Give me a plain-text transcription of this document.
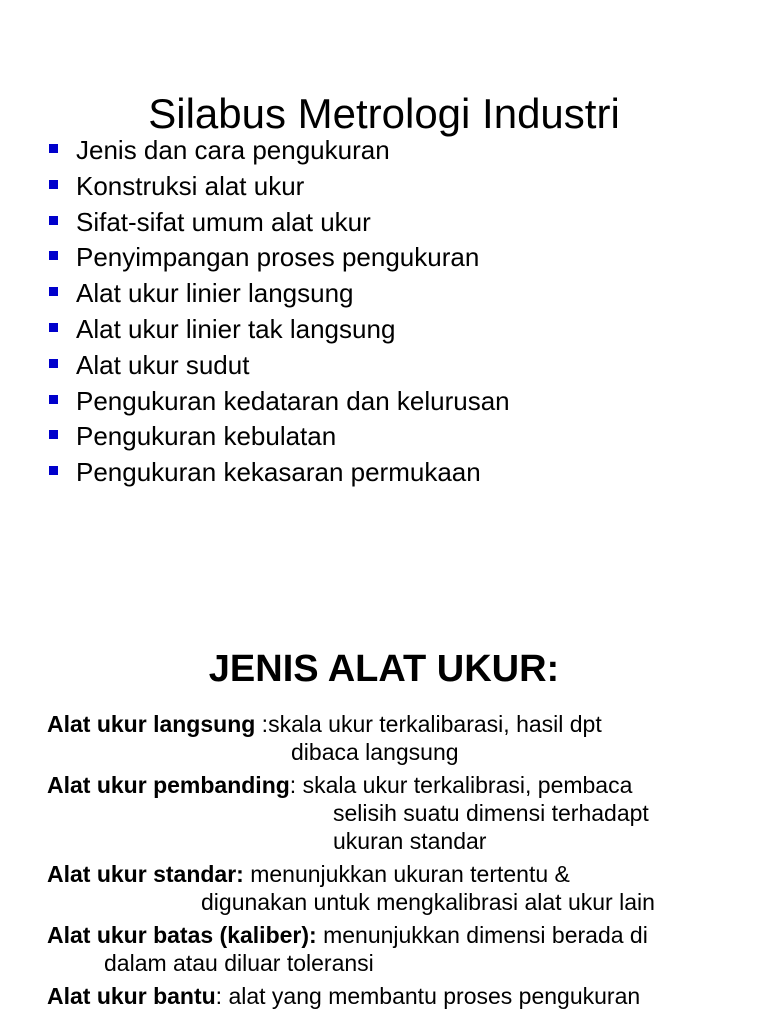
Silabus Metrologi Industri
Jenis dan cara pengukuran
Konstruksi alat ukur
Sifat-sifat umum alat ukur
Penyimpangan proses pengukuran
Alat ukur linier langsung
Alat ukur linier tak langsung
Alat ukur sudut
Pengukuran kedataran dan kelurusan
Pengukuran kebulatan
Pengukuran kekasaran permukaan
JENIS ALAT UKUR:
Alat ukur langsung :skala ukur terkalibarasi, hasil dpt
dibaca langsung
Alat ukur pembanding: skala ukur terkalibrasi, pembaca
selisih suatu dimensi terhadapt
ukuran standar
Alat ukur standar: menunjukkan ukuran tertentu &
digunakan untuk mengkalibrasi alat ukur lain
Alat ukur batas (kaliber): menunjukkan dimensi berada di
dalam atau diluar toleransi
Alat ukur bantu: alat yang membantu proses pengukuran
